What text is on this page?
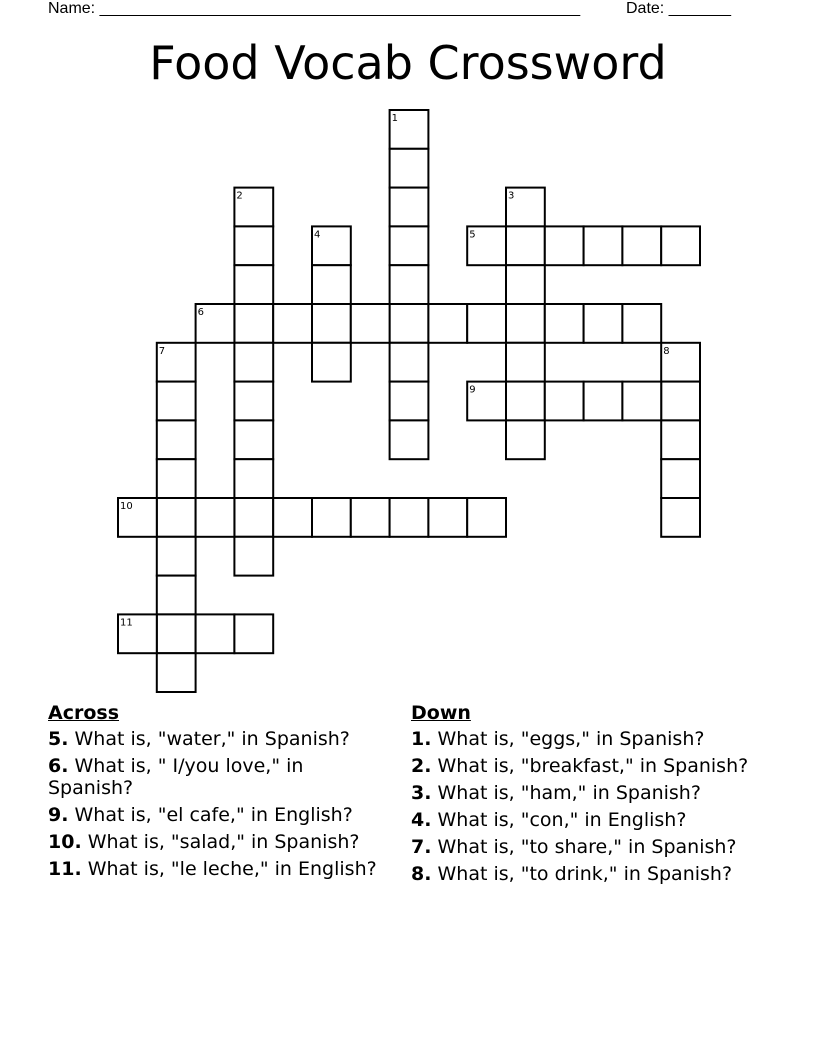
Name: ______________________________________________________	Date: _______
Food Vocab Crossword
1
2	3
4	5
6
7	8
9
10
11
Across
5. What is, "water," in Spanish?
6. What is, " I/you love," in Spanish?
9. What is, "el cafe," in English?
10. What is, "salad," in Spanish?
11. What is, "le leche," in English?
Down
1. What is, "eggs," in Spanish?
2. What is, "breakfast," in Spanish?
3. What is, "ham," in Spanish?
4. What is, "con," in English?
7. What is, "to share," in Spanish?
8. What is, "to drink," in Spanish?
